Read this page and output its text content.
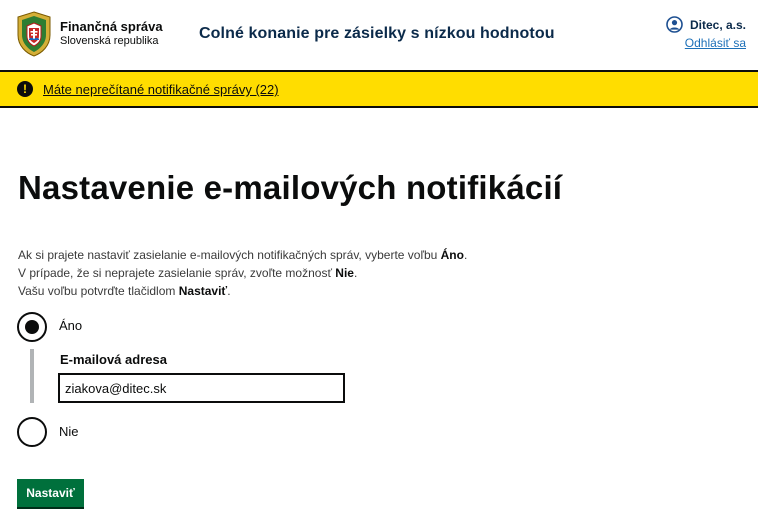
Finančná správa
Slovenská republika	Colné konanie pre zásielky s nízkou hodnotou
Ditec, a.s.
Odhlásiť sa
!	Máte neprečítané notifikačné správy (22)
Nastavenie e-mailových notifikácií
Ak si prajete nastaviť zasielanie e-mailových notifikačných správ, vyberte voľbu Áno.
V prípade, že si neprajete zasielanie správ, zvoľte možnosť Nie.
Vašu voľbu potvrďte tlačidlom Nastaviť.
Áno
E-mailová adresa
ziakova@ditec.sk
Nie
Nastaviť
